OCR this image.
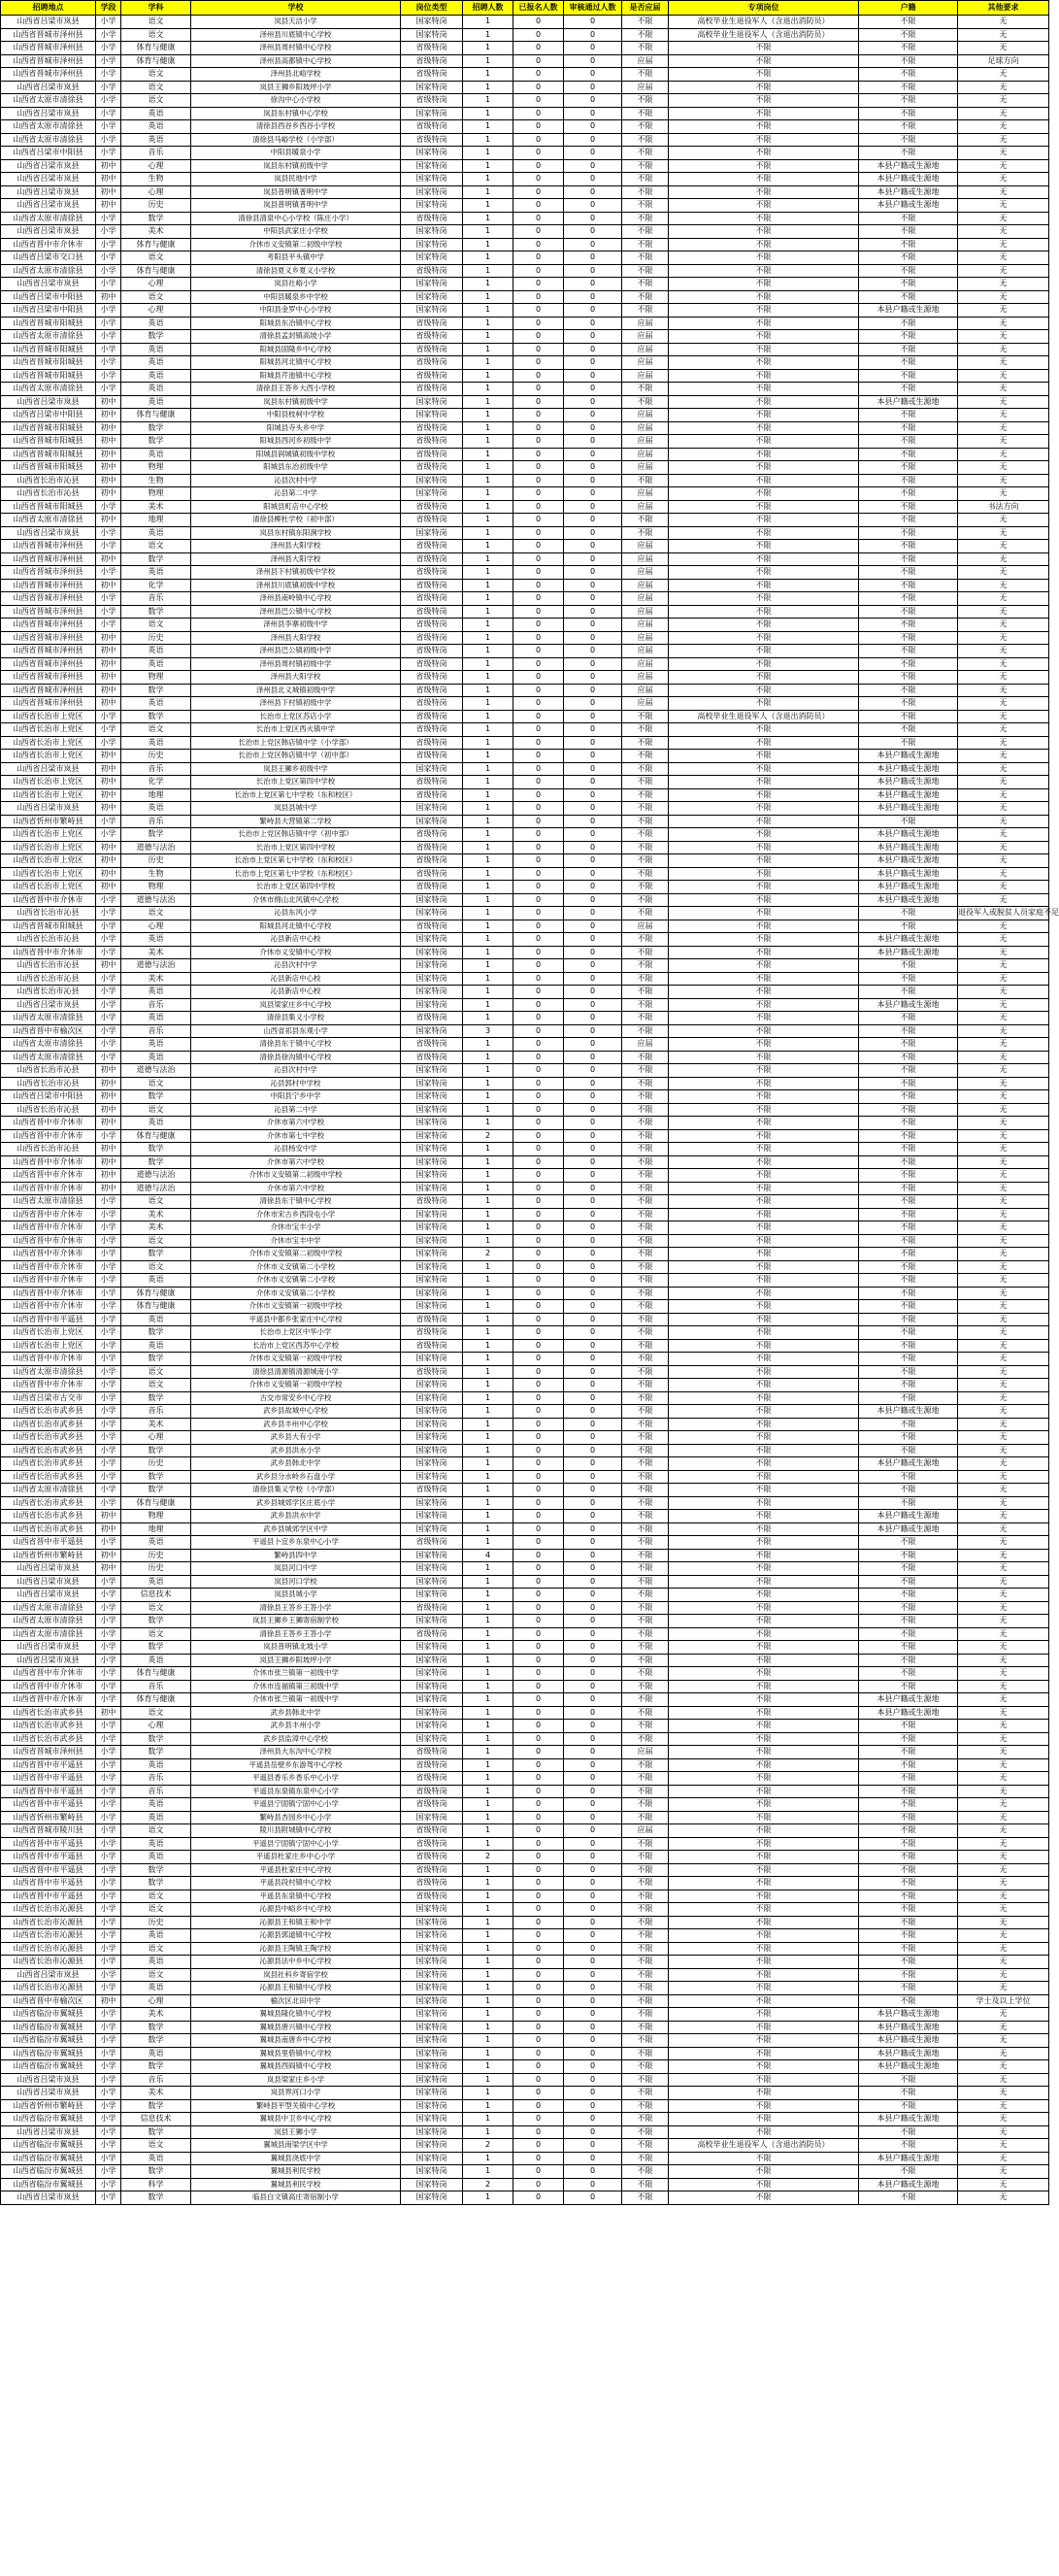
招聘地点	学段	学科	学校	岗位类型	招聘人数	已报名人数	审核通过人数	是否应届	专项岗位	户籍	其他要求
山西省吕梁市岚县	小学	语文	岚县天洁小学	国家特岗	1	0	0	不限	高校毕业生退役军人（含退出消防员）	不限	无
山西省晋城市泽州县	小学	语文	泽州县川底镇中心学校	国家特岗	1	0	0	不限	高校毕业生退役军人（含退出消防员）	不限	无
山西省晋城市泽州县	小学	体育与健康	泽州县周村镇中心学校	省级特岗	1	0	0	不限	不限	不限	无
山西省晋城市泽州县	小学	体育与健康	泽州县高都镇中心学校	省级特岗	1	0	0	应届	不限	不限	足球方向
山西省晋城市泽州县	小学	语文	泽州县北峪学校	省级特岗	1	0	0	不限	不限	不限	无
山西省吕梁市岚县	小学	语文	岚县王狮乡阳坡坪小学	国家特岗	1	0	0	应届	不限	不限	无
山西省太原市清徐县	小学	语文	徐沟中心小学校	省级特岗	1	0	0	不限	不限	不限	无
山西省吕梁市岚县	小学	英语	岚县东村镇中心学校	国家特岗	1	0	0	不限	不限	不限	无
山西省太原市清徐县	小学	英语	清徐县西谷乡西谷小学校	省级特岗	1	0	0	不限	不限	不限	无
山西省太原市清徐县	小学	英语	清徐县马峪学校（小学部）	省级特岗	1	0	0	不限	不限	不限	无
山西省吕梁市中阳县	小学	音乐	中阳县暖泉小学	国家特岗	1	0	0	不限	不限	不限	无
山西省吕梁市岚县	初中	心理	岚县东村镇初级中学	国家特岗	1	0	0	不限	不限	本县户籍或生源地	无
山西省吕梁市岚县	初中	生物	岚县民地中学	国家特岗	1	0	0	不限	不限	本县户籍或生源地	无
山西省吕梁市岚县	初中	心理	岚县普明镇普明中学	国家特岗	1	0	0	不限	不限	本县户籍或生源地	无
山西省吕梁市岚县	初中	历史	岚县普明镇普明中学	国家特岗	1	0	0	不限	不限	本县户籍或生源地	无
山西省太原市清徐县	小学	数学	清徐县清泉中心小学校（陈庄小学）	省级特岗	1	0	0	不限	不限	不限	无
山西省吕梁市岚县	小学	美术	中阳县武家庄小学校	国家特岗	1	0	0	不限	不限	不限	无
山西省晋中市介休市	小学	体育与健康	介休市义安镇第二初级中学校	国家特岗	1	0	0	不限	不限	不限	无
山西省吕梁市交口县	小学	语文	考阳县平头镇中学	国家特岗	1	0	0	不限	不限	不限	无
山西省太原市清徐县	小学	体育与健康	清徐县夏义乡夏义小学校	省级特岗	1	0	0	不限	不限	不限	无
山西省吕梁市岚县	小学	心理	岚县社峪小学	国家特岗	1	0	0	不限	不限	不限	无
山西省吕梁市中阳县	初中	语文	中阳县暖泉乡中学校	国家特岗	1	0	0	不限	不限	不限	无
山西省吕梁市中阳县	小学	心理	中阳县金罗中心小学校	国家特岗	1	0	0	不限	不限	本县户籍或生源地	无
山西省晋城市阳城县	小学	英语	阳城县东冶镇中心学校	省级特岗	1	0	0	应届	不限	不限	无
山西省太原市清徐县	小学	数学	清徐县孟封镇高坡小学	省级特岗	1	0	0	应届	不限	不限	无
山西省晋城市阳城县	小学	英语	阳城县固隆乡中心学校	省级特岗	1	0	0	应届	不限	不限	无
山西省晋城市阳城县	小学	英语	阳城县河北镇中心学校	省级特岗	1	0	0	应届	不限	不限	无
山西省晋城市阳城县	小学	英语	阳城县芹池镇中心学校	省级特岗	1	0	0	应届	不限	不限	无
山西省太原市清徐县	小学	英语	清徐县王答乡大西小学校	省级特岗	1	0	0	不限	不限	不限	无
山西省吕梁市岚县	初中	英语	岚县东村镇初级中学	国家特岗	1	0	0	不限	不限	本县户籍或生源地	无
山西省吕梁市中阳县	初中	体育与健康	中阳县枝柯中学校	国家特岗	1	0	0	应届	不限	不限	无
山西省晋城市阳城县	初中	数学	阳城县寺头乡中学	省级特岗	1	0	0	应届	不限	不限	无
山西省晋城市阳城县	初中	数学	阳城县西河乡初级中学	省级特岗	1	0	0	应届	不限	不限	无
山西省晋城市阳城县	初中	英语	阳城县润城镇初级中学校	省级特岗	1	0	0	应届	不限	不限	无
山西省晋城市阳城县	初中	物理	阳城县东冶初级中学	省级特岗	1	0	0	应届	不限	不限	无
山西省长治市沁县	初中	生物	沁县次村中学	国家特岗	1	0	0	不限	不限	不限	无
山西省长治市沁县	初中	物理	沁县第二中学	国家特岗	1	0	0	应届	不限	不限	无
山西省晋城市阳城县	小学	美术	阳城县町店中心学校	省级特岗	1	0	0	应届	不限	不限	书法方向
山西省太原市清徐县	初中	地理	清徐县柳杜学校（初中部）	省级特岗	1	0	0	不限	不限	不限	无
山西省吕梁市岚县	小学	英语	岚县东村镇东阳涧学校	国家特岗	1	0	0	不限	不限	不限	无
山西省晋城市泽州县	小学	语文	泽州县大阳学校	省级特岗	1	0	0	应届	不限	不限	无
山西省晋城市泽州县	初中	数学	泽州县大阳学校	省级特岗	1	0	0	应届	不限	不限	无
山西省晋城市泽州县	小学	英语	泽州县下村镇初级中学校	省级特岗	1	0	0	应届	不限	不限	无
山西省晋城市泽州县	初中	化学	泽州县川底镇初级中学校	省级特岗	1	0	0	应届	不限	不限	无
山西省晋城市泽州县	小学	音乐	泽州县南岭镇中心学校	省级特岗	1	0	0	应届	不限	不限	无
山西省晋城市泽州县	小学	数学	泽州县巴公镇中心学校	省级特岗	1	0	0	应届	不限	不限	无
山西省晋城市泽州县	小学	语文	泽州县李寨初级中学	省级特岗	1	0	0	应届	不限	不限	无
山西省晋城市泽州县	初中	历史	泽州县大阳学校	省级特岗	1	0	0	应届	不限	不限	无
山西省晋城市泽州县	初中	英语	泽州县巴公镇初级中学	省级特岗	1	0	0	应届	不限	不限	无
山西省晋城市泽州县	初中	英语	泽州县周村镇初级中学	省级特岗	1	0	0	应届	不限	不限	无
山西省晋城市泽州县	初中	物理	泽州县大阳学校	省级特岗	1	0	0	应届	不限	不限	无
山西省晋城市泽州县	初中	数学	泽州县北义城镇初级中学	省级特岗	1	0	0	应届	不限	不限	无
山西省晋城市泽州县	初中	英语	泽州县下村镇初级中学	省级特岗	1	0	0	应届	不限	不限	无
山西省长治市上党区	小学	数学	长治市上党区苏店小学	省级特岗	1	0	0	不限	高校毕业生退役军人（含退出消防员）	不限	无
山西省长治市上党区	小学	语文	长治市上党区西火镇中学	省级特岗	1	0	0	不限	不限	不限	无
山西省长治市上党区	小学	英语	长治市上党区韩店镇中学（小学部）	省级特岗	1	0	0	不限	不限	不限	无
山西省长治市上党区	初中	历史	长治市上党区韩店镇中学（初中部）	省级特岗	1	0	0	不限	不限	本县户籍或生源地	无
山西省吕梁市岚县	初中	音乐	岚县王狮乡初级中学	国家特岗	1	0	0	不限	不限	本县户籍或生源地	无
山西省长治市上党区	初中	化学	长治市上党区第四中学校	省级特岗	1	0	0	不限	不限	本县户籍或生源地	无
山西省长治市上党区	初中	地理	长治市上党区第七中学校（东和校区）	省级特岗	1	0	0	不限	不限	本县户籍或生源地	无
山西省吕梁市岚县	初中	英语	岚县县城中学	国家特岗	1	0	0	不限	不限	本县户籍或生源地	无
山西省忻州市繁峙县	小学	音乐	繁峙县大营镇第二学校	国家特岗	1	0	0	不限	不限	不限	无
山西省长治市上党区	小学	数学	长治市上党区韩店镇中学（初中部）	省级特岗	1	0	0	不限	不限	本县户籍或生源地	无
山西省长治市上党区	初中	道德与法治	长治市上党区第四中学校	省级特岗	1	0	0	不限	不限	本县户籍或生源地	无
山西省长治市上党区	初中	历史	长治市上党区第七中学校（东和校区）	省级特岗	1	0	0	不限	不限	本县户籍或生源地	无
山西省长治市上党区	初中	生物	长治市上党区第七中学校（东和校区）	省级特岗	1	0	0	不限	不限	本县户籍或生源地	无
山西省长治市上党区	初中	物理	长治市上党区第四中学校	省级特岗	1	0	0	不限	不限	本县户籍或生源地	无
山西省晋中市介休市	小学	道德与法治	介休市绵山北风镇中心学校	国家特岗	1	0	0	不限	不限	本县户籍或生源地	无
山西省长治市沁县	小学	语文	沁县东风小学	国家特岗	1	0	0	不限	不限	不限	退役军人或脱贫人员家庭不足
山西省晋城市阳城县	小学	心理	阳城县河北镇中心学校	省级特岗	1	0	0	应届	不限	不限	无
山西省长治市沁县	小学	英语	沁县新店中心校	国家特岗	1	0	0	不限	不限	本县户籍或生源地	无
山西省晋中市介休市	小学	美术	介休市义安镇中心学校	国家特岗	1	0	0	不限	不限	本县户籍或生源地	无
山西省长治市沁县	初中	道德与法治	沁县次村中学	国家特岗	1	0	0	不限	不限	不限	无
山西省长治市沁县	小学	美术	沁县新店中心校	国家特岗	1	0	0	不限	不限	不限	无
山西省长治市沁县	小学	英语	沁县新店中心校	国家特岗	1	0	0	不限	不限	不限	无
山西省吕梁市岚县	小学	音乐	岚县梁家庄乡中心学校	国家特岗	1	0	0	不限	不限	本县户籍或生源地	无
山西省太原市清徐县	小学	英语	清徐县集义小学校	省级特岗	1	0	0	不限	不限	不限	无
山西省晋中市榆次区	小学	音乐	山西省祁县东观小学	国家特岗	3	0	0	不限	不限	不限	无
山西省太原市清徐县	小学	英语	清徐县东于镇中心学校	省级特岗	1	0	0	应届	不限	不限	无
山西省太原市清徐县	小学	英语	清徐县徐沟镇中心学校	省级特岗	1	0	0	不限	不限	不限	无
山西省长治市沁县	初中	道德与法治	沁县次村中学	国家特岗	1	0	0	不限	不限	不限	无
山西省长治市沁县	初中	语文	沁县郭村中学校	国家特岗	1	0	0	不限	不限	不限	无
山西省吕梁市中阳县	初中	数学	中阳县宁乡中学	国家特岗	1	0	0	不限	不限	不限	无
山西省长治市沁县	初中	语文	沁县第二中学	国家特岗	1	0	0	不限	不限	不限	无
山西省晋中市介休市	初中	英语	介休市第六中学校	国家特岗	1	0	0	不限	不限	不限	无
山西省晋中市介休市	小学	体育与健康	介休市第七中学校	国家特岗	2	0	0	不限	不限	不限	无
山西省长治市沁县	初中	数学	沁县杨安中学	国家特岗	1	0	0	不限	不限	不限	无
山西省晋中市介休市	初中	数学	介休市第六中学校	国家特岗	1	0	0	不限	不限	不限	无
山西省晋中市介休市	初中	道德与法治	介休市义安镇第二初级中学校	国家特岗	1	0	0	不限	不限	不限	无
山西省晋中市介休市	初中	道德与法治	介休市第六中学校	国家特岗	1	0	0	不限	不限	不限	无
山西省太原市清徐县	小学	语文	清徐县东于镇中心学校	省级特岗	1	0	0	不限	不限	不限	无
山西省晋中市介休市	小学	美术	介休市宋古乡西段屯小学	国家特岗	1	0	0	不限	不限	不限	无
山西省晋中市介休市	小学	美术	介休市宝丰小学	国家特岗	1	0	0	不限	不限	不限	无
山西省晋中市介休市	小学	语文	介休市宝丰中学	国家特岗	1	0	0	不限	不限	不限	无
山西省晋中市介休市	小学	数学	介休市义安镇第二初级中学校	国家特岗	2	0	0	不限	不限	不限	无
山西省晋中市介休市	小学	语文	介休市义安镇第二小学校	国家特岗	1	0	0	不限	不限	不限	无
山西省晋中市介休市	小学	英语	介休市义安镇第二小学校	国家特岗	1	0	0	不限	不限	不限	无
山西省晋中市介休市	小学	体育与健康	介休市义安镇第二小学校	国家特岗	1	0	0	不限	不限	不限	无
山西省晋中市介休市	小学	体育与健康	介休市义安镇第一初级中学校	国家特岗	1	0	0	不限	不限	不限	无
山西省晋中市平遥县	小学	英语	平遥县中都乡张家庄中心学校	省级特岗	1	0	0	不限	不限	不限	无
山西省长治市上党区	小学	数学	长治市上党区中华小学	省级特岗	1	0	0	不限	不限	不限	无
山西省长治市上党区	小学	英语	长治市上党区西苏中心学校	省级特岗	1	0	0	不限	不限	不限	无
山西省晋中市介休市	小学	数学	介休市义安镇第一初级中学校	国家特岗	1	0	0	不限	不限	不限	无
山西省太原市清徐县	小学	语文	清徐县清源镇清源城南小学	省级特岗	1	0	0	不限	不限	不限	无
山西省晋中市介休市	小学	语文	介休市义安镇第一初级中学校	国家特岗	1	0	0	不限	不限	不限	无
山西省吕梁市古交市	小学	数学	古交市常安乡中心学校	国家特岗	1	0	0	不限	不限	不限	无
山西省长治市武乡县	小学	音乐	武乡县故城中心学校	国家特岗	1	0	0	不限	不限	本县户籍或生源地	无
山西省长治市武乡县	小学	美术	武乡县丰州中心学校	国家特岗	1	0	0	不限	不限	不限	无
山西省长治市武乡县	小学	心理	武乡县大有小学	国家特岗	1	0	0	不限	不限	不限	无
山西省长治市武乡县	小学	数学	武乡县洪水小学	国家特岗	1	0	0	不限	不限	不限	无
山西省长治市武乡县	小学	历史	武乡县韩北中学	国家特岗	1	0	0	不限	不限	本县户籍或生源地	无
山西省长治市武乡县	小学	数学	武乡县分水岭乡石盘小学	国家特岗	1	0	0	不限	不限	不限	无
山西省太原市清徐县	小学	数学	清徐县集义学校（小学部）	省级特岗	1	0	0	不限	不限	不限	无
山西省长治市武乡县	小学	体育与健康	武乡县城郊学区庄底小学	国家特岗	1	0	0	不限	不限	不限	无
山西省长治市武乡县	初中	物理	武乡县洪水中学	国家特岗	1	0	0	不限	不限	本县户籍或生源地	无
山西省长治市武乡县	初中	地理	武乡县城郊学区中学	国家特岗	1	0	0	不限	不限	本县户籍或生源地	无
山西省晋中市平遥县	小学	英语	平遥县卜宜乡东泉中心小学	省级特岗	1	0	0	不限	不限	不限	无
山西省忻州市繁峙县	初中	历史	繁峙县四中学	国家特岗	4	0	0	不限	不限	不限	无
山西省吕梁市岚县	初中	历史	岚县河口中学	国家特岗	1	0	0	不限	不限	不限	无
山西省吕梁市岚县	小学	英语	岚县河口学校	国家特岗	1	0	0	不限	不限	不限	无
山西省吕梁市岚县	小学	信息技术	岚县县城小学	国家特岗	1	0	0	不限	不限	不限	无
山西省太原市清徐县	小学	语文	清徐县王答乡王答小学	省级特岗	1	0	0	不限	不限	不限	无
山西省太原市清徐县	小学	数学	岚县王狮乡王狮寄宿制学校	国家特岗	1	0	0	不限	不限	不限	无
山西省太原市清徐县	小学	语文	清徐县王答乡王答小学	省级特岗	1	0	0	不限	不限	不限	无
山西省吕梁市岚县	小学	数学	岚县普明镇北坡小学	国家特岗	1	0	0	不限	不限	不限	无
山西省吕梁市岚县	小学	英语	岚县王狮乡阳坡坪小学	国家特岗	1	0	0	不限	不限	不限	无
山西省晋中市介休市	小学	体育与健康	介休市张兰镇第一初级中学	国家特岗	1	0	0	不限	不限	不限	无
山西省晋中市介休市	小学	音乐	介休市连福镇第三初级中学	国家特岗	1	0	0	不限	不限	不限	无
山西省晋中市介休市	小学	体育与健康	介休市张兰镇第一初级中学	国家特岗	1	0	0	不限	不限	本县户籍或生源地	无
山西省长治市武乡县	初中	语文	武乡县韩北中学	国家特岗	1	0	0	不限	不限	本县户籍或生源地	无
山西省长治市武乡县	小学	心理	武乡县丰州小学	国家特岗	1	0	0	不限	不限	不限	无
山西省长治市武乡县	小学	数学	武乡县监漳中心学校	国家特岗	1	0	0	不限	不限	不限	无
山西省晋城市泽州县	小学	数学	泽州县大东沟中心学校	省级特岗	1	0	0	应届	不限	不限	无
山西省晋中市平遥县	小学	英语	平遥县岳壁乡东游驾中心学校	省级特岗	1	0	0	不限	不限	不限	无
山西省晋中市平遥县	小学	音乐	平遥县香乐乡香乐中心小学	省级特岗	1	0	0	不限	不限	不限	无
山西省晋中市平遥县	小学	音乐	平遥县东泉镇东泉中心小学	省级特岗	1	0	0	不限	不限	不限	无
山西省晋中市平遥县	小学	英语	平遥县宁固镇宁固中心小学	省级特岗	1	0	0	不限	不限	不限	无
山西省忻州市繁峙县	小学	英语	繁峙县杏园乡中心小学	国家特岗	1	0	0	不限	不限	不限	无
山西省晋城市陵川县	小学	语文	陵川县附城镇中心学校	省级特岗	1	0	0	应届	不限	不限	无
山西省晋中市平遥县	小学	英语	平遥县宁固镇宁固中心小学	省级特岗	1	0	0	不限	不限	不限	无
山西省晋中市平遥县	小学	英语	平遥县杜家庄乡中心小学	省级特岗	2	0	0	不限	不限	不限	无
山西省晋中市平遥县	小学	数学	平遥县杜家庄中心学校	省级特岗	1	0	0	不限	不限	不限	无
山西省晋中市平遥县	小学	数学	平遥县段村镇中心学校	省级特岗	1	0	0	不限	不限	不限	无
山西省晋中市平遥县	小学	语文	平遥县东泉镇中心学校	省级特岗	1	0	0	不限	不限	不限	无
山西省长治市沁源县	小学	语文	沁源县中峪乡中心学校	国家特岗	1	0	0	不限	不限	不限	无
山西省长治市沁源县	小学	历史	沁源县王和镇王和中学	国家特岗	1	0	0	不限	不限	不限	无
山西省长治市沁源县	小学	英语	沁源县郭道镇中心学校	国家特岗	1	0	0	不限	不限	不限	无
山西省长治市沁源县	小学	语文	沁源县王陶镇王陶学校	国家特岗	1	0	0	不限	不限	不限	无
山西省长治市沁源县	小学	英语	沁源县法中乡中心学校	国家特岗	1	0	0	不限	不限	不限	无
山西省吕梁市岚县	小学	语文	岚县社科乡寄宿学校	国家特岗	1	0	0	不限	不限	不限	无
山西省长治市沁源县	小学	英语	沁源县王和镇中心学校	国家特岗	1	0	0	不限	不限	不限	无
山西省晋中市榆次区	初中	心理	榆次区北田中学	国家特岗	1	0	0	不限	不限	不限	学士及以上学位
山西省临汾市翼城县	小学	美术	翼城县隆化镇中心学校	国家特岗	1	0	0	不限	不限	本县户籍或生源地	无
山西省临汾市翼城县	小学	数学	翼城县唐兴镇中心学校	国家特岗	1	0	0	不限	不限	本县户籍或生源地	无
山西省临汾市翼城县	小学	数学	翼城县南唐乡中心学校	国家特岗	1	0	0	不限	不限	本县户籍或生源地	无
山西省临汾市翼城县	小学	英语	翼城县里砦镇中心学校	国家特岗	1	0	0	不限	不限	本县户籍或生源地	无
山西省临汾市翼城县	小学	数学	翼城县西阎镇中心学校	国家特岗	1	0	0	不限	不限	本县户籍或生源地	无
山西省吕梁市岚县	小学	音乐	岚县梁家庄乡小学	国家特岗	1	0	0	不限	不限	不限	无
山西省吕梁市岚县	小学	美术	岚县界河口小学	国家特岗	1	0	0	不限	不限	不限	无
山西省忻州市繁峙县	小学	数学	繁峙县平型关镇中心学校	国家特岗	1	0	0	不限	不限	不限	无
山西省临汾市翼城县	小学	信息技术	翼城县中卫乡中心学校	国家特岗	1	0	0	不限	不限	本县户籍或生源地	无
山西省吕梁市岚县	小学	数学	岚县王狮小学	国家特岗	1	0	0	不限	不限	不限	无
山西省临汾市翼城县	小学	语文	翼城县南梁学区中学	国家特岗	2	0	0	不限	高校毕业生退役军人（含退出消防员）	不限	无
山西省临汾市翼城县	小学	英语	翼城县浇底中学	国家特岗	1	0	0	不限	不限	本县户籍或生源地	无
山西省临汾市翼城县	小学	数学	翼城县利民学校	国家特岗	1	0	0	不限	不限	不限	无
山西省临汾市翼城县	小学	科学	翼城县利民学校	国家特岗	2	0	0	不限	不限	本县户籍或生源地	无
山西省吕梁市岚县	小学	数学	临县白文镇高庄寄宿制小学	国家特岗	1	0	0	不限	不限	不限	无
